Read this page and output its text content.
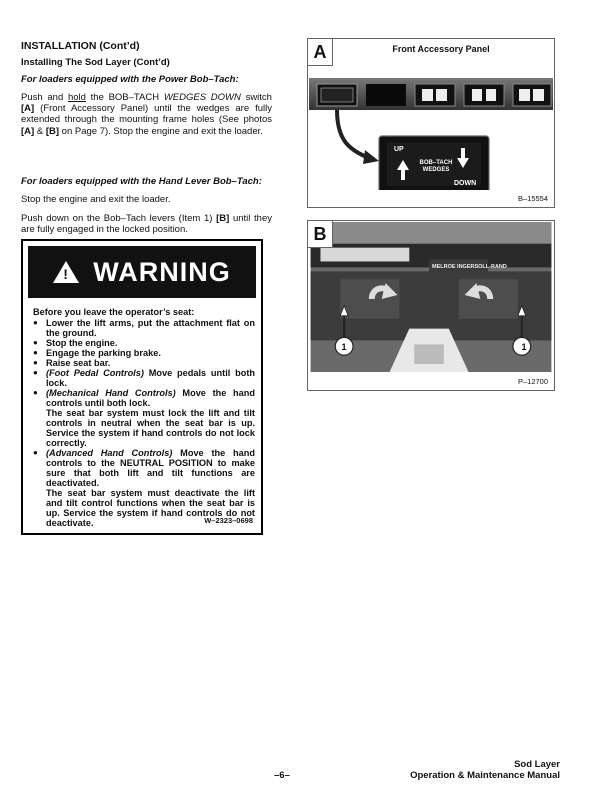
INSTALLATION (Cont’d)
Installing The Sod Layer (Cont’d)
For loaders equipped with the Power Bob–Tach:
Push and hold the BOB–TACH WEDGES DOWN switch [A] (Front Accessory Panel) until the wedges are fully extended through the mounting frame holes (See photos [A] & [B] on Page 7). Stop the engine and exit the loader.
For loaders equipped with the Hand Lever Bob–Tach:
Stop the engine and exit the loader.
Push down on the Bob–Tach levers (Item 1) [B] until they are fully engaged in the locked position.
! WARNING
Before you leave the operator’s seat:
● Lower the lift arms, put the attachment flat on the ground.
● Stop the engine.
● Engage the parking brake.
● Raise seat bar.
● (Foot Pedal Controls) Move pedals until both lock.
● (Mechanical Hand Controls) Move the hand controls until both lock.
The seat bar system must lock the lift and tilt controls in neutral when the seat bar is up. Service the system if hand controls do not lock correctly.
● (Advanced Hand Controls) Move the hand controls to the NEUTRAL POSITION to make sure that both lift and tilt functions are deactivated.
The seat bar system must deactivate the lift and tilt control functions when the seat bar is up. Service the system if hand controls do not deactivate.	W–2323–0698
A	Front Accessory Panel
UP
BOB–TACH WEDGES
DOWN
B–15554
B
MELROE INGERSOLL-RAND
1	1
P–12700
–6–
Sod Layer
Operation & Maintenance Manual
